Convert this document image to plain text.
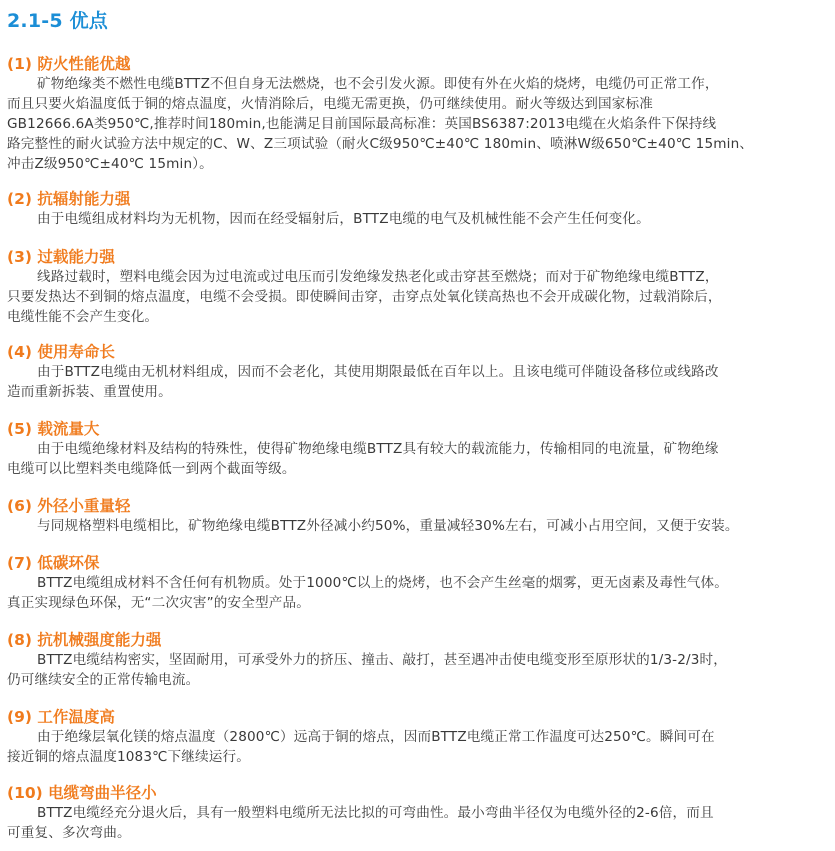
2.1-5 优点
(1) 防火性能优越

矿物绝缘类不燃性电缆BTTZ不但自身无法燃烧，也不会引发火源。即使有外在火焰的烧烤，电缆仍可正常工作，
而且只要火焰温度低于铜的熔点温度，火情消除后，电缆无需更换，仍可继续使用。耐火等级达到国家标准
GB12666.6A类950℃,推荐时间180min,也能满足目前国际最高标准：英国BS6387:2013电缆在火焰条件下保持线
路完整性的耐火试验方法中规定的C、W、Z三项试验（耐火C级950℃±40℃ 180min、喷淋W级650℃±40℃ 15min、
冲击Z级950℃±40℃ 15min）。

(2) 抗辐射能力强

由于电缆组成材料均为无机物，因而在经受辐射后，BTTZ电缆的电气及机械性能不会产生任何变化。

(3) 过载能力强

线路过载时，塑料电缆会因为过电流或过电压而引发绝缘发热老化或击穿甚至燃烧；而对于矿物绝缘电缆BTTZ，
只要发热达不到铜的熔点温度，电缆不会受损。即使瞬间击穿，击穿点处氧化镁高热也不会开成碳化物，过载消除后，
电缆性能不会产生变化。

(4) 使用寿命长

由于BTTZ电缆由无机材料组成，因而不会老化，其使用期限最低在百年以上。且该电缆可伴随设备移位或线路改
造而重新拆装、重置使用。

(5) 载流量大

由于电缆绝缘材料及结构的特殊性，使得矿物绝缘电缆BTTZ具有较大的载流能力，传输相同的电流量，矿物绝缘
电缆可以比塑料类电缆降低一到两个截面等级。

(6) 外径小重量轻

与同规格塑料电缆相比，矿物绝缘电缆BTTZ外径减小约50%，重量减轻30%左右，可减小占用空间，又便于安装。

(7) 低碳环保

BTTZ电缆组成材料不含任何有机物质。处于1000℃以上的烧烤，也不会产生丝毫的烟雾，更无卤素及毒性气体。
真正实现绿色环保，无“二次灾害”的安全型产品。

(8) 抗机械强度能力强

BTTZ电缆结构密实，坚固耐用，可承受外力的挤压、撞击、敲打，甚至遇冲击使电缆变形至原形状的1/3-2/3时，
仍可继续安全的正常传输电流。

(9) 工作温度高

由于绝缘层氧化镁的熔点温度（2800℃）远高于铜的熔点，因而BTTZ电缆正常工作温度可达250℃。瞬间可在
接近铜的熔点温度1083℃下继续运行。

(10) 电缆弯曲半径小

BTTZ电缆经充分退火后，具有一般塑料电缆所无法比拟的可弯曲性。最小弯曲半径仅为电缆外径的2-6倍，而且
可重复、多次弯曲。
